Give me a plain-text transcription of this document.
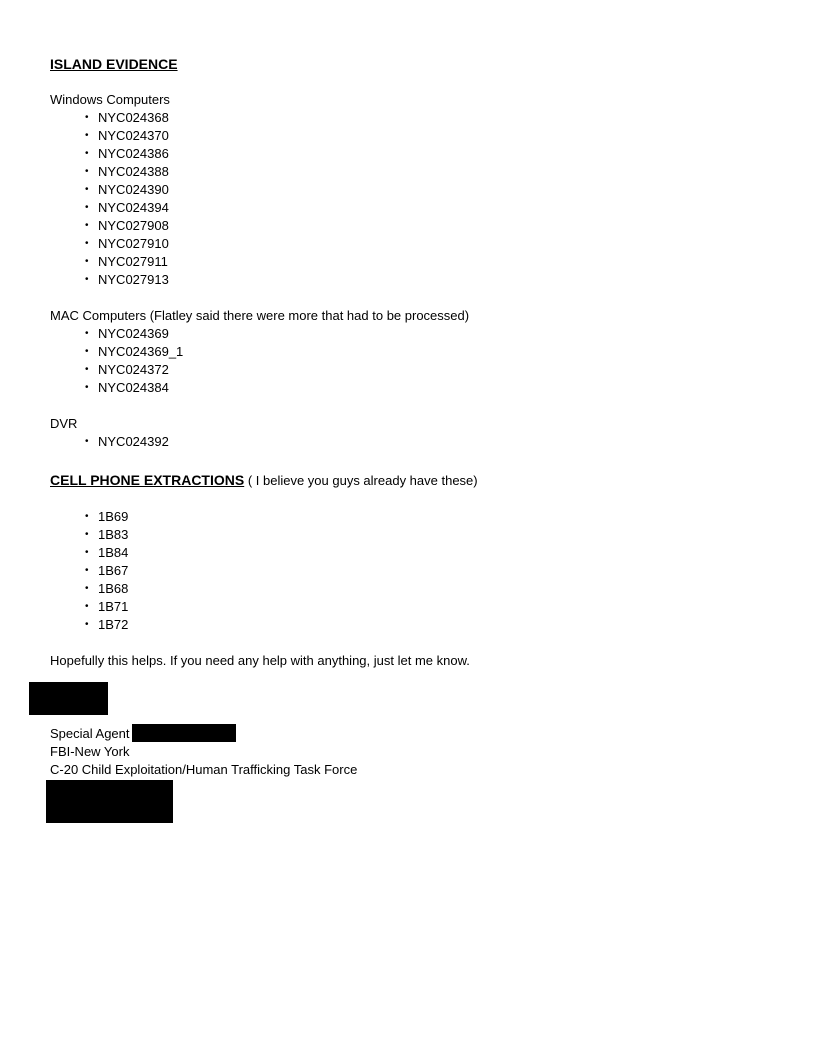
ISLAND EVIDENCE

Windows Computers

• NYC024368
• NYC024370
• NYC024386
• NYC024388
• NYC024390
• NYC024394
• NYC027908
• NYC027910
• NYC027911
• NYC027913

MAC Computers (Flatley said there were more that had to be processed)

• NYC024369
• NYC024369_1
• NYC024372
• NYC024384

DVR

• NYC024392

CELL PHONE EXTRACTIONS ( I believe you guys already have these)

• 1B69
• 1B83
• 1B84
• 1B67
• 1B68
• 1B71
• 1B72

Hopefully this helps. If you need any help with anything, just let me know.

Special Agent

FBI-New York

C-20 Child Exploitation/Human Trafficking Task Force
